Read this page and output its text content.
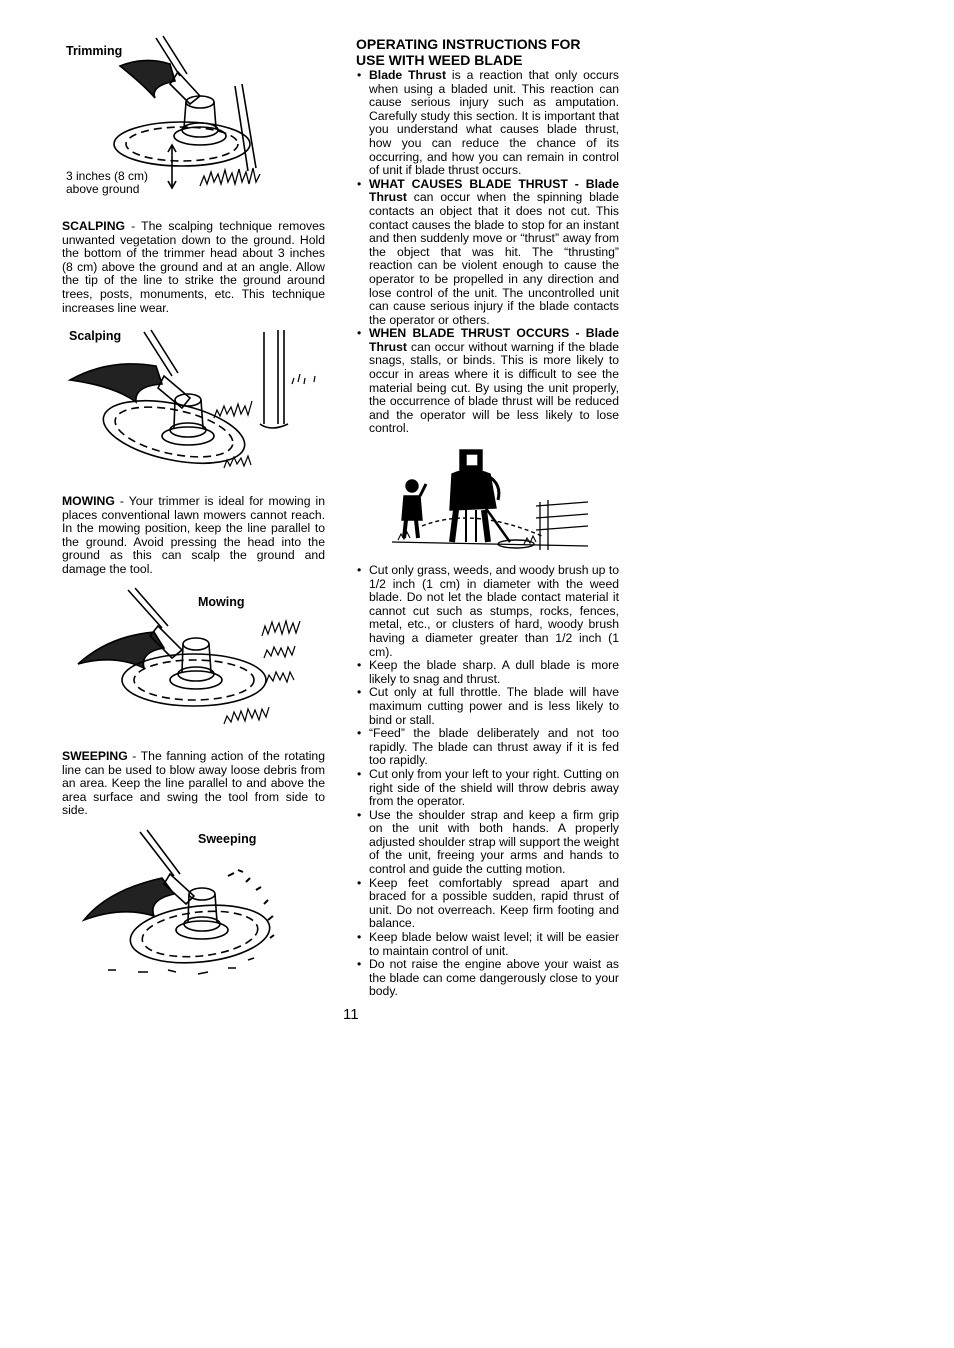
Trimming
3 inches (8 cm)
above ground

SCALPING - The scalping technique removes unwanted vegetation down to the ground. Hold the bottom of the trimmer head about 3 inches (8 cm) above the ground and at an angle. Allow the tip of the line to strike the ground around trees, posts, monuments, etc. This technique increases line wear.

Scalping

MOWING - Your trimmer is ideal for mowing in places conventional lawn mowers cannot reach. In the mowing position, keep the line parallel to the ground. Avoid pressing the head into the ground as this can scalp the ground and damage the tool.

Mowing

SWEEPING - The fanning action of the rotating line can be used to blow away loose debris from an area. Keep the line parallel to and above the area surface and swing the tool from side to side.

Sweeping
OPERATING INSTRUCTIONS FOR
USE WITH WEED BLADE
• Blade Thrust is a reaction that only occurs when using a bladed unit. This reaction can cause serious injury such as amputation. Carefully study this section. It is important that you understand what causes blade thrust, how you can reduce the chance of its occurring, and how you can remain in control of unit if blade thrust occurs.
• WHAT CAUSES BLADE THRUST - Blade Thrust can occur when the spinning blade contacts an object that it does not cut. This contact causes the blade to stop for an instant and then suddenly move or “thrust” away from the object that was hit. The “thrusting” reaction can be violent enough to cause the operator to be propelled in any direction and lose control of the unit. The uncontrolled unit can cause serious injury if the blade contacts the operator or others.
• WHEN BLADE THRUST OCCURS - Blade Thrust can occur without warning if the blade snags, stalls, or binds. This is more likely to occur in areas where it is difficult to see the material being cut. By using the unit properly, the occurrence of blade thrust will be reduced and the operator will be less likely to lose control.
• Cut only grass, weeds, and woody brush up to 1/2 inch (1 cm) in diameter with the weed blade. Do not let the blade contact material it cannot cut such as stumps, rocks, fences, metal, etc., or clusters of hard, woody brush having a diameter greater than 1/2 inch (1 cm).
• Keep the blade sharp. A dull blade is more likely to snag and thrust.
• Cut only at full throttle. The blade will have maximum cutting power and is less likely to bind or stall.
• “Feed” the blade deliberately and not too rapidly. The blade can thrust away if it is fed too rapidly.
• Cut only from your left to your right. Cutting on right side of the shield will throw debris away from the operator.
• Use the shoulder strap and keep a firm grip on the unit with both hands. A properly adjusted shoulder strap will support the weight of the unit, freeing your arms and hands to control and guide the cutting motion.
• Keep feet comfortably spread apart and braced for a possible sudden, rapid thrust of unit. Do not overreach. Keep firm footing and balance.
• Keep blade below waist level; it will be easier to maintain control of unit.
• Do not raise the engine above your waist as the blade can come dangerously close to your body.
11
